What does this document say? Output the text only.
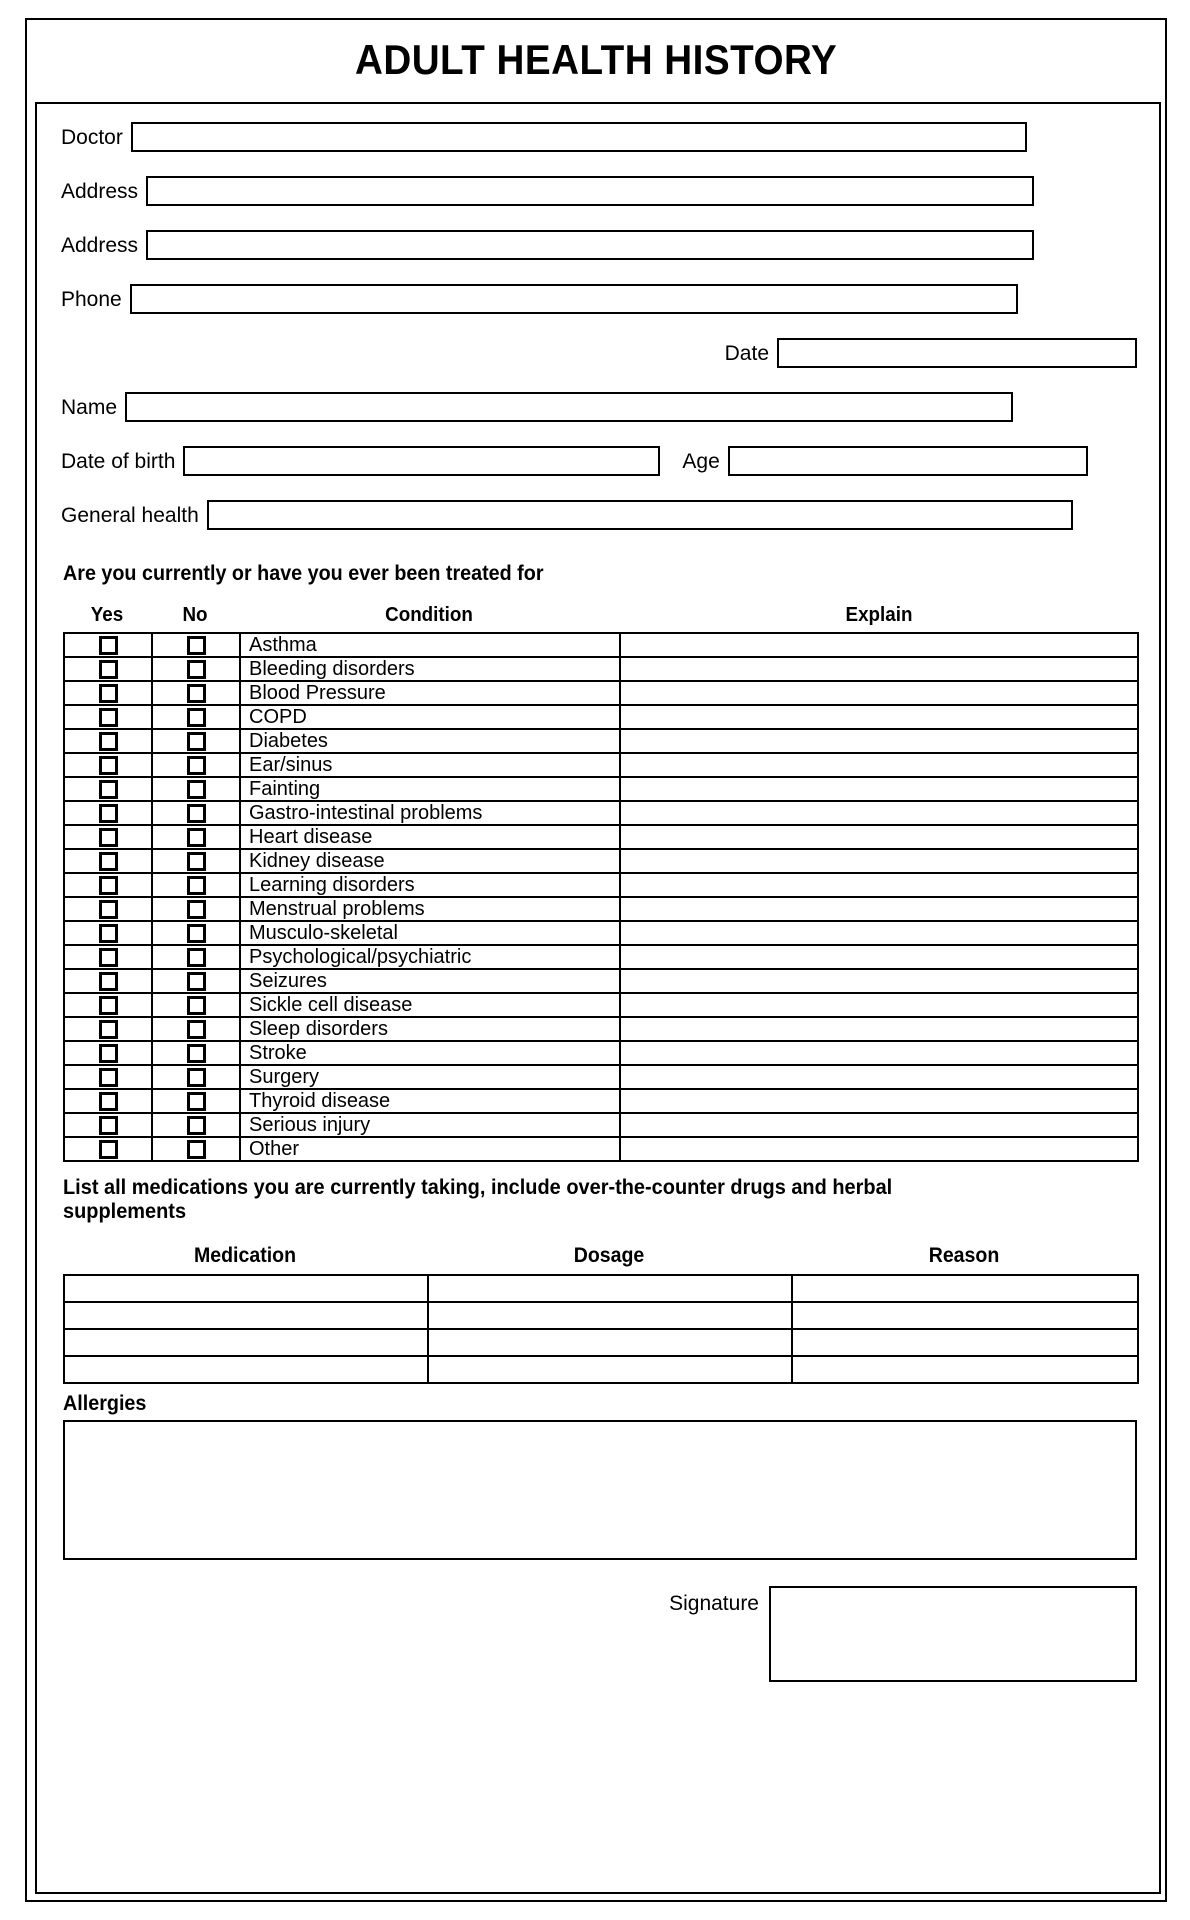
ADULT HEALTH HISTORY
Doctor
Address
Address
Phone
Date
Name
Date of birth	Age
General health
Are you currently or have you ever been treated for
Yes	No	Condition	Explain
		Asthma	
		Bleeding disorders	
		Blood Pressure	
		COPD	
		Diabetes	
		Ear/sinus	
		Fainting	
		Gastro-intestinal problems	
		Heart disease	
		Kidney disease	
		Learning disorders	
		Menstrual problems	
		Musculo-skeletal	
		Psychological/psychiatric	
		Seizures	
		Sickle cell disease	
		Sleep disorders	
		Stroke	
		Surgery	
		Thyroid disease	
		Serious injury	
		Other	
List all medications you are currently taking, include over-the-counter drugs and herbal supplements
Medication	Dosage	Reason

Allergies
Signature
